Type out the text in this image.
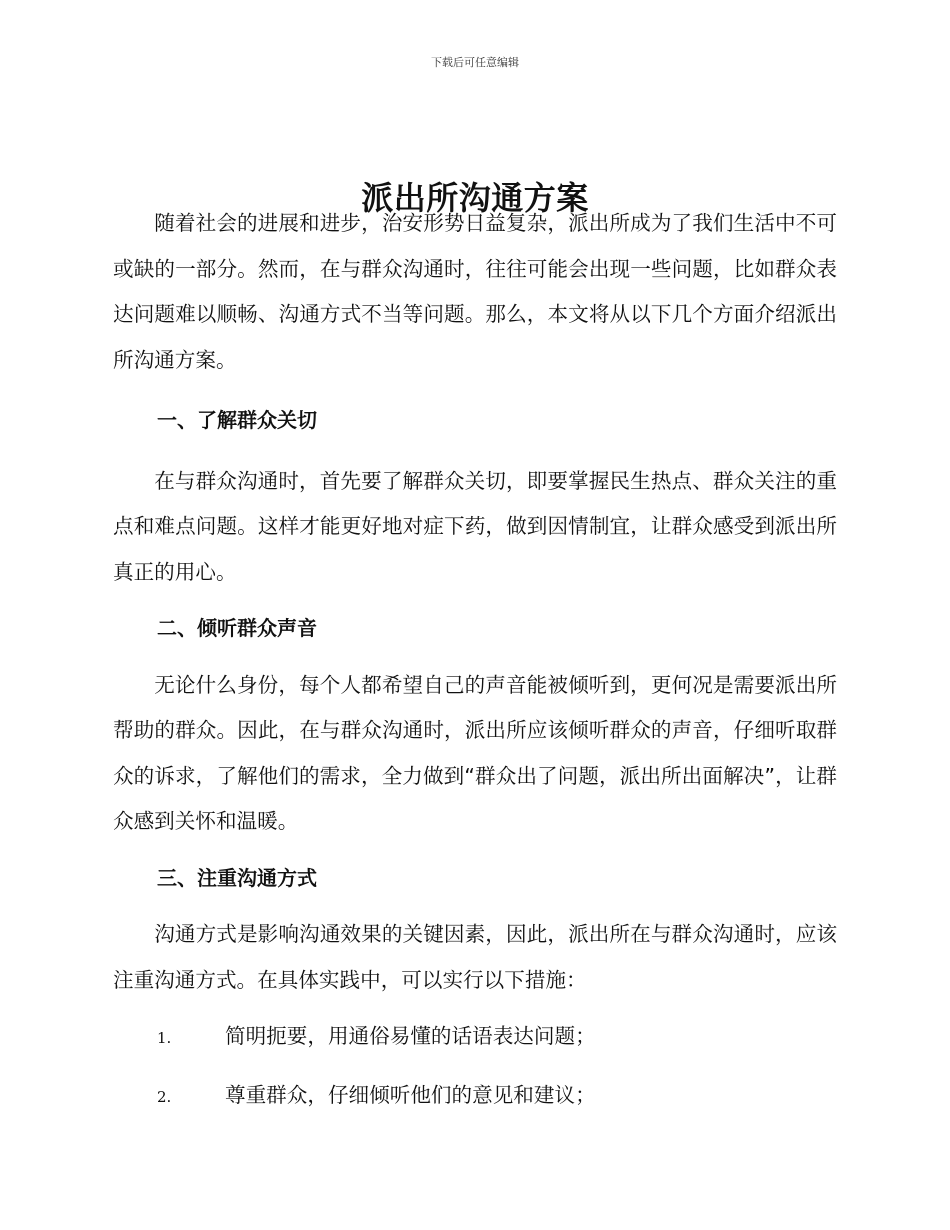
下载后可任意编辑
派出所沟通方案

随着社会的进展和进步，治安形势日益复杂，派出所成为了我们生活中不可或缺的一部分。然而，在与群众沟通时，往往可能会出现一些问题，比如群众表达问题难以顺畅、沟通方式不当等问题。那么，本文将从以下几个方面介绍派出所沟通方案。

一、了解群众关切

在与群众沟通时，首先要了解群众关切，即要掌握民生热点、群众关注的重点和难点问题。这样才能更好地对症下药，做到因情制宜，让群众感受到派出所真正的用心。

二、倾听群众声音

无论什么身份，每个人都希望自己的声音能被倾听到，更何况是需要派出所帮助的群众。因此，在与群众沟通时，派出所应该倾听群众的声音，仔细听取群众的诉求，了解他们的需求，全力做到“群众出了问题，派出所出面解决”，让群众感到关怀和温暖。

三、注重沟通方式

沟通方式是影响沟通效果的关键因素，因此，派出所在与群众沟通时，应该注重沟通方式。在具体实践中，可以实行以下措施：

1.	简明扼要，用通俗易懂的话语表达问题；
2.	尊重群众，仔细倾听他们的意见和建议；
